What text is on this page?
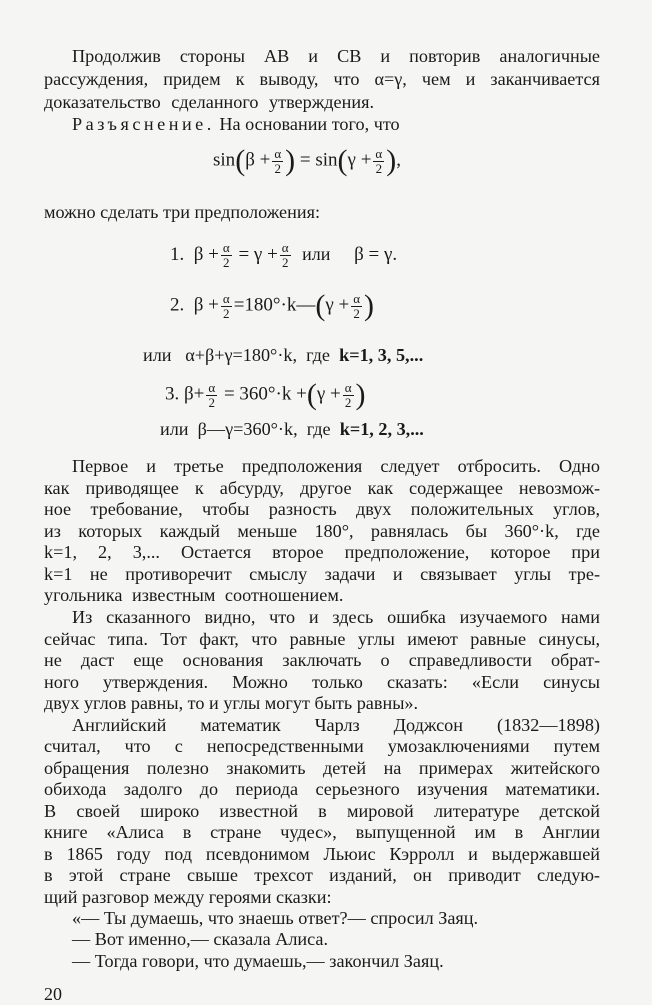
Продолжив стороны AB и CB и повторив аналогичные
рассуждения, придем к выводу, что α=γ, чем и заканчивается
доказательство сделанного утверждения.
Разъяснение. На основании того, что
$\sin(\beta + \frac{\alpha}{2}$ ) = $\sin(\gamma + \frac{\alpha}{2}$ ),
можно сделать три предположения:
1. $\beta + \frac{\alpha}{2} = \gamma + \frac{\alpha}{2}$ или β = γ.
2. $\beta + \frac{\alpha}{2}$ =180°·k—(γ + $\frac{\alpha}{2}$ )
или α+β+γ=180°·k, где k=1, 3, 5,...
3. $\beta+ \frac{\alpha}{2} = 360^\circ\cdot k +(\gamma + \frac{\alpha}{2}$ )
или β—γ=360°·k, где k=1, 2, 3,...
Первое и третье предположения следует отбросить. Одно
как приводящее к абсурду, другое как содержащее невозмож-
ное требование, чтобы разность двух положительных углов,
из которых каждый меньше 180°, равнялась бы 360°·k, где
k=1, 2, 3,... Остается второе предположение, которое при
k=1 не противоречит смыслу задачи и связывает углы тре-
угольника известным соотношением.
Из сказанного видно, что и здесь ошибка изучаемого нами
сейчас типа. Тот факт, что равные углы имеют равные синусы,
не даст еще основания заключать о справедливости обрат-
ного утверждения. Можно только сказать: «Если синусы
двух углов равны, то и углы могут быть равны».
Английский математик Чарлз Доджсон (1832—1898)
считал, что с непосредственными умозаключениями путем
обращения полезно знакомить детей на примерах житейского
обихода задолго до периода серьезного изучения математики.
В своей широко известной в мировой литературе детской
книге «Алиса в стране чудес», выпущенной им в Англии
в 1865 году под псевдонимом Льюис Кэрролл и выдержавшей
в этой стране свыше трехсот изданий, он приводит следую-
щий разговор между героями сказки:
«— Ты думаешь, что знаешь ответ?— спросил Заяц.
20
— Вот именно,— сказала Алиса.
— Тогда говори, что думаешь,— закончил Заяц.
